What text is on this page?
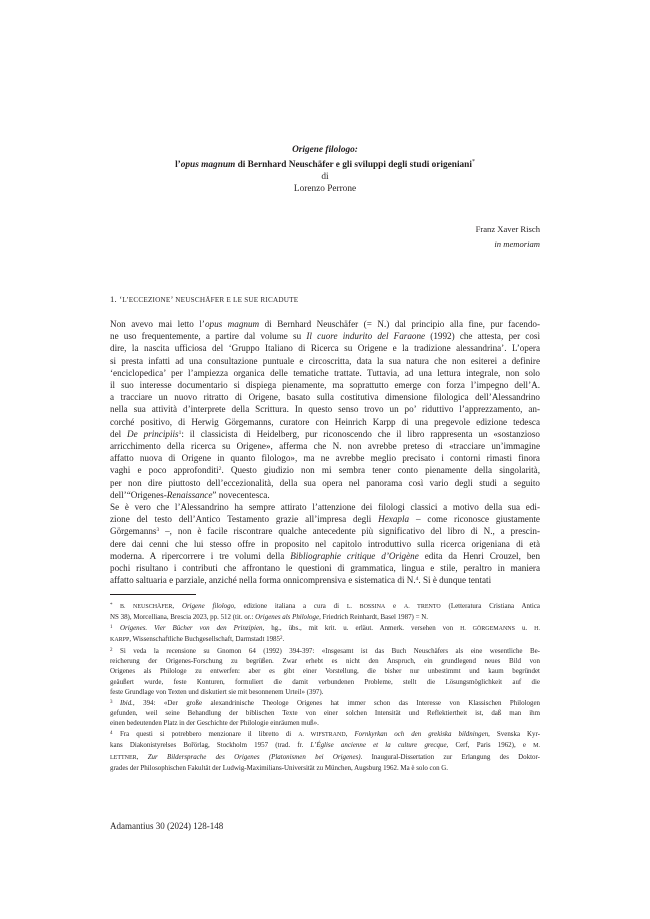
Origene filologo:
l’opus magnum di Bernhard Neuschäfer e gli sviluppi degli studi origeniani*
di
Lorenzo Perrone
Franz Xaver Risch
in memoriam
1. ‘L’ECCEZIONE’ NEUSCHÄFER E LE SUE RICADUTE
Non avevo mai letto l’opus magnum di Bernhard Neuschäfer (= N.) dal principio alla fine, pur facendo-
ne uso frequentemente, a partire dal volume su Il cuore indurito del Faraone (1992) che attesta, per così
dire, la nascita ufficiosa del ‘Gruppo Italiano di Ricerca su Origene e la tradizione alessandrina’. L’opera
si presta infatti ad una consultazione puntuale e circoscritta, data la sua natura che non esiterei a definire
‘enciclopedica’ per l’ampiezza organica delle tematiche trattate. Tuttavia, ad una lettura integrale, non solo
il suo interesse documentario si dispiega pienamente, ma soprattutto emerge con forza l’impegno dell’A.
a tracciare un nuovo ritratto di Origene, basato sulla costitutiva dimensione filologica dell’Alessandrino
nella sua attività d’interprete della Scrittura. In questo senso trovo un po’ riduttivo l’apprezzamento, an-
corché positivo, di Herwig Görgemanns, curatore con Heinrich Karpp di una pregevole edizione tedesca
del De principiis$^1$: il classicista di Heidelberg, pur riconoscendo che il libro rappresenta un «sostanzioso
arricchimento della ricerca su Origene», afferma che N. non avrebbe preteso di «tracciare un’immagine
affatto nuova di Origene in quanto filologo», ma ne avrebbe meglio precisato i contorni rimasti finora
vaghi e poco approfonditi$^2$. Questo giudizio non mi sembra tener conto pienamente della singolarità,
per non dire piuttosto dell’eccezionalità, della sua opera nel panorama così vario degli studi a seguito
dell’“Origenes-Renaissance” novecentesca.
Se è vero che l’Alessandrino ha sempre attirato l’attenzione dei filologi classici a motivo della sua edi-
zione del testo dell’Antico Testamento grazie all’impresa degli Hexapla – come riconosce giustamente
Görgemanns$^3$ –, non è facile riscontrare qualche antecedente più significativo del libro di N., a prescin-
dere dai cenni che lui stesso offre in proposito nel capitolo introduttivo sulla ricerca origeniana di età
moderna. A ripercorrere i tre volumi della Bibliographie critique d’Origène edita da Henri Crouzel, ben
pochi risultano i contributi che affrontano le questioni di grammatica, lingua e stile, peraltro in maniera
affatto saltuaria e parziale, anziché nella forma onnicomprensiva e sistematica di N.$^4$. Si è dunque tentati
* B. NEUSCHÄFER, Origene filologo, edizione italiana a cura di L. BOSSINA e A. TRENTO (Letteratura Cristiana Antica
NS 38), Morcelliana, Brescia 2023, pp. 512 (tit. or.: Origenes als Philologe, Friedrich Reinhardt, Basel 1987) = N.
$^1$ Origenes. Vier Bücher von den Prinzipien, hg., übs., mit krit. u. erläut. Anmerk. versehen von H. GÖRGEMANNS u. H.
KARPP, Wissenschaftliche Buchgesellschaft, Darmstadt 1985$^2$.
$^2$ Si veda la recensione su Gnomon 64 (1992) 394-397: «Insgesamt ist das Buch Neuschäfers als eine wesentliche Be-
reicherung der Origenes-Forschung zu begrüßen. Zwar erhebt es nicht den Anspruch, ein grundlegend neues Bild von
Origenes als Philologe zu entwerfen: aber es gibt einer Vorstellung, die bisher nur unbestimmt und kaum begründet
geäußert wurde, feste Konturen, formuliert die damit verbundenen Probleme, stellt die Lösungsmöglichkeit auf die
feste Grundlage von Texten und diskutiert sie mit besonnenem Urteil» (397).
$^3$ Ibid., 394: «Der große alexandrinische Theologe Origenes hat immer schon das Interesse von Klassischen Philologen
gefunden, weil seine Behandlung der biblischen Texte von einer solchen Intensität und Reflektiertheit ist, daß man ihm
einen bedeutenden Platz in der Geschichte der Philologie einräumen muß».
$^4$ Fra questi si potrebbero menzionare il libretto di A. WIFSTRAND, Fornkyrkan och den grekiska bildningen, Svenska Kyr-
kans Diakonistyrelses Bořörlag, Stockholm 1957 (trad. fr. L’Église ancienne et la culture grecque, Cerf, Paris 1962), e M.
LETTNER, Zur Bildersprache des Origenes (Platonismen bei Origenes). Inaugural-Dissertation zur Erlangung des Doktor-
grades der Philosophischen Fakultät der Ludwig-Maximilians-Universität zu München, Augsburg 1962. Ma è solo con G.
Adamantius 30 (2024) 128-148
